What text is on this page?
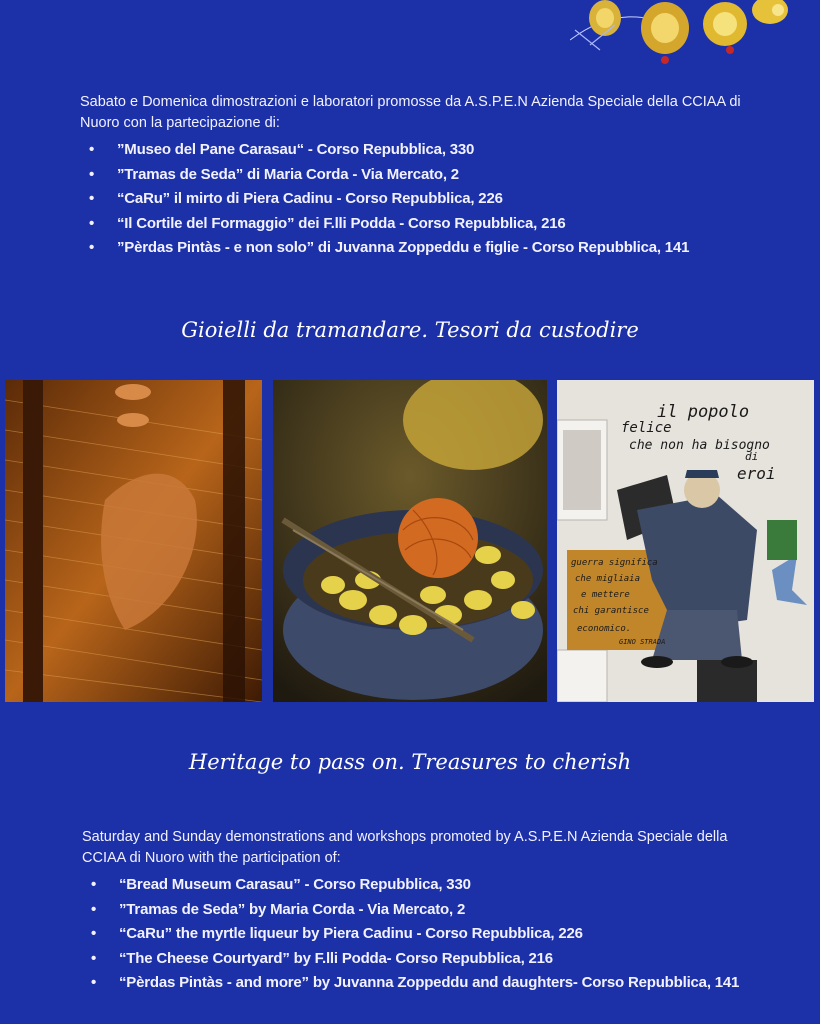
Sabato e Domenica dimostrazioni e laboratori promosse da A.S.P.E.N Azienda Speciale della CCIAA di Nuoro con la partecipazione di:
• ”Museo del Pane Carasau“ - Corso Repubblica, 330
• ”Tramas de Seda” di Maria Corda - Via Mercato, 2
• “CaRu” il mirto di Piera Cadinu - Corso Repubblica, 226
• “Il Cortile del Formaggio” dei F.lli Podda - Corso Repubblica, 216
• ”Pèrdas Pintàs - e non solo” di Juvanna Zoppeddu e figlie - Corso Repubblica, 141
Gioielli da tramandare. Tesori da custodire
il popolo
felice
che non ha bisogno
di
eroi
guerra significa
che migliaia
e mettere
chi garantisce
economico.
GINO STRADA
Heritage to pass on. Treasures to cherish
Saturday and Sunday demonstrations and workshops promoted by A.S.P.E.N Azienda Speciale della CCIAA di Nuoro with the participation of:
• “Bread Museum Carasau” - Corso Repubblica, 330
• ”Tramas de Seda” by Maria Corda - Via Mercato, 2
• “CaRu” the myrtle liqueur by Piera Cadinu - Corso Repubblica, 226
• “The Cheese Courtyard” by F.lli Podda- Corso Repubblica, 216
• “Pèrdas Pintàs - and more” by Juvanna Zoppeddu and daughters- Corso Repubblica, 141
